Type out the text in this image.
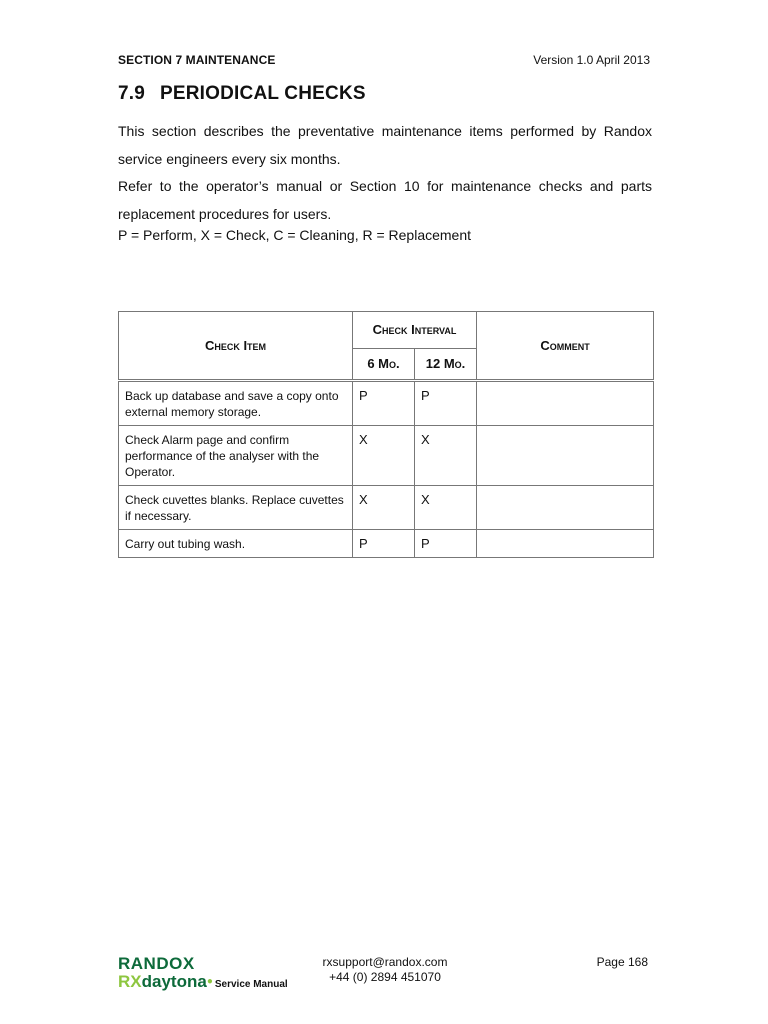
SECTION 7 MAINTENANCE	Version 1.0 April 2013
7.9 PERIODICAL CHECKS
This section describes the preventative maintenance items performed by Randox service engineers every six months.
Refer to the operator’s manual or Section 10 for maintenance checks and parts replacement procedures for users.
P = Perform, X = Check, C = Cleaning, R = Replacement
Check Item	Check Interval		Comment
	6 Mo.	12 Mo.	
Back up database and save a copy onto external memory storage.	P	P	
Check Alarm page and confirm performance of the analyser with the Operator.	X	X	
Check cuvettes blanks. Replace cuvettes if necessary.	X	X	
Carry out tubing wash.	P	P	
RANDOX
RXdaytona● Service Manual
rxsupport@randox.com
+44 (0) 2894 451070
Page 168
